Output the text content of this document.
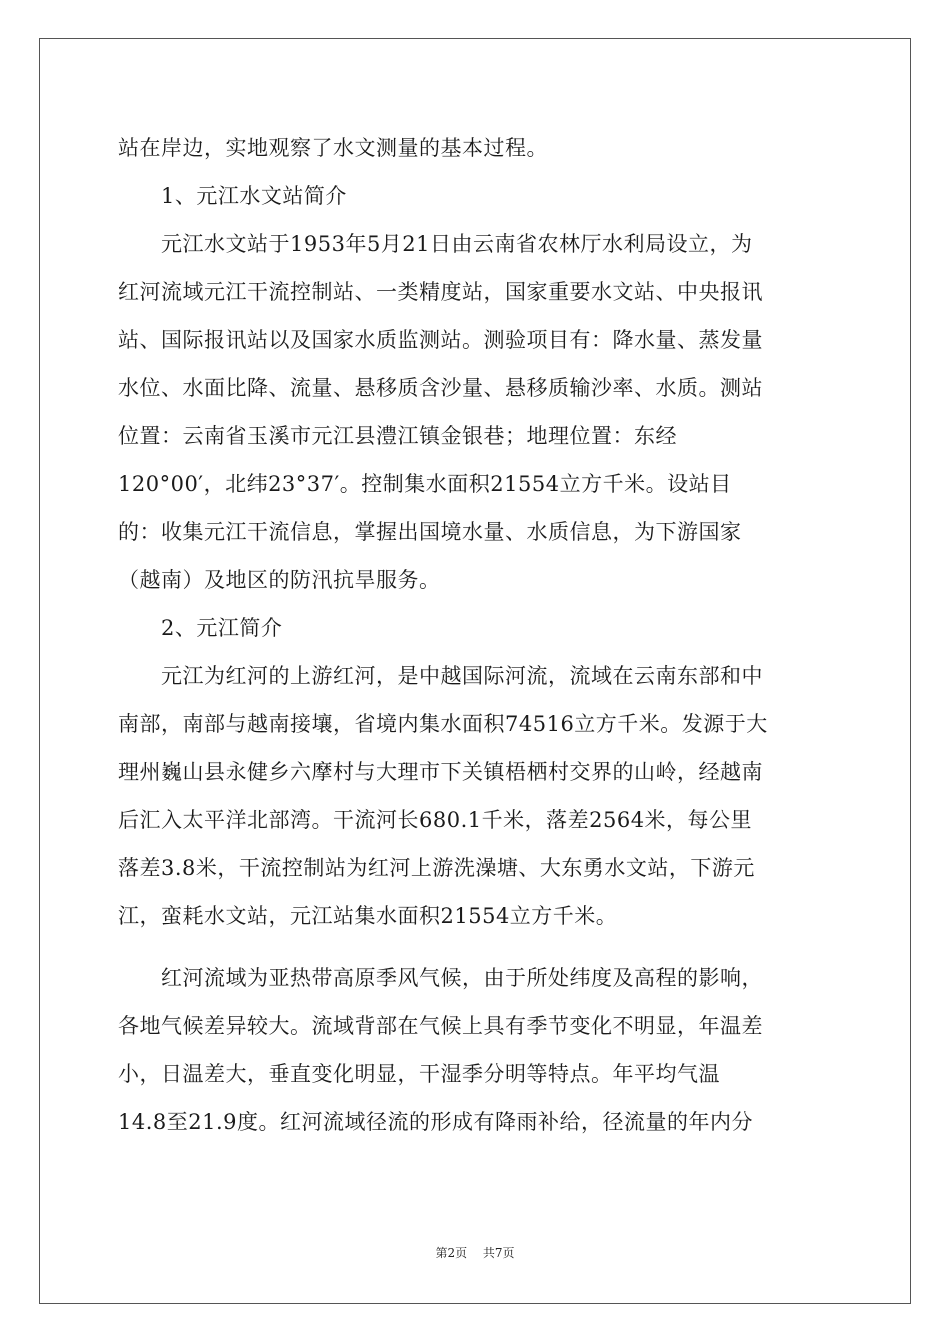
站在岸边，实地观察了水文测量的基本过程。
1、元江水文站简介
元江水文站于1953年5月21日由云南省农林厅水利局设立，为
红河流域元江干流控制站、一类精度站，国家重要水文站、中央报讯
站、国际报讯站以及国家水质监测站。测验项目有：降水量、蒸发量
水位、水面比降、流量、悬移质含沙量、悬移质输沙率、水质。测站
位置：云南省玉溪市元江县澧江镇金银巷；地理位置：东经
120°00′，北纬23°37′。控制集水面积21554立方千米。设站目
的：收集元江干流信息，掌握出国境水量、水质信息，为下游国家
（越南）及地区的防汛抗旱服务。
2、元江简介
元江为红河的上游红河，是中越国际河流，流域在云南东部和中
南部，南部与越南接壤，省境内集水面积74516立方千米。发源于大
理州巍山县永健乡六摩村与大理市下关镇梧栖村交界的山岭，经越南
后汇入太平洋北部湾。干流河长680.1千米，落差2564米，每公里
落差3.8米，干流控制站为红河上游洗澡塘、大东勇水文站，下游元
江，蛮耗水文站，元江站集水面积21554立方千米。
红河流域为亚热带高原季风气候，由于所处纬度及高程的影响，
各地气候差异较大。流域背部在气候上具有季节变化不明显，年温差
小，日温差大，垂直变化明显，干湿季分明等特点。年平均气温
14.8至21.9度。红河流域径流的形成有降雨补给，径流量的年内分
第2页 共7页
